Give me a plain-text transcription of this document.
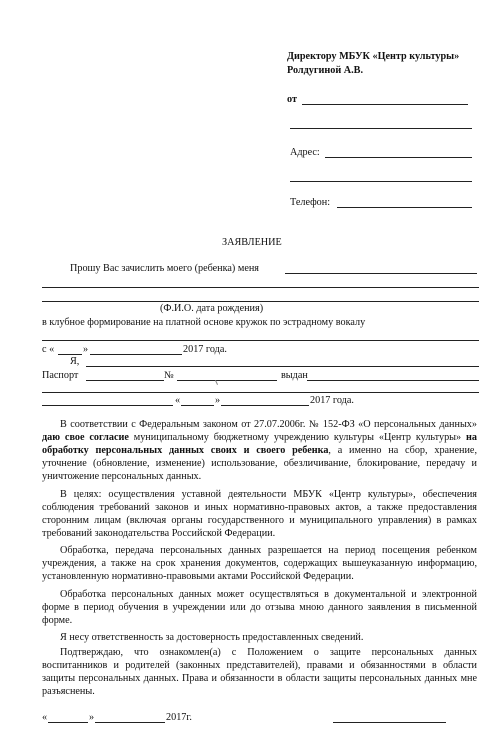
Директору МБУК «Центр культуры»
Ролдугиной А.В.
от
Адрес:
Телефон:
ЗАЯВЛЕНИЕ
Прошу Вас зачислить моего (ребенка) меня
(Ф.И.О. дата рождения)
в клубное формирование на платной основе кружок по эстрадному вокалу
с «	»	2017 года.
Я,
Паспорт	№	выдан
«	»	2017 года.
В соответствии с Федеральным законом от 27.07.2006г. № 152-ФЗ «О персональных данных» даю свое согласие муниципальному бюджетному учреждению культуры «Центр культуры» на обработку персональных данных своих и своего ребенка, а именно на сбор, хранение, уточнение (обновление, изменение) использование, обезличивание, блокирование, передачу и уничтожение персональных данных.
В целях: осуществления уставной деятельности МБУК «Центр культуры», обеспечения соблюдения требований законов и иных нормативно-правовых актов, а также предоставления сторонним лицам (включая органы государственного и муниципального управления) в рамках требований законодательства Российской Федерации.
Обработка, передача персональных данных разрешается на период посещения ребенком учреждения, а также на срок хранения документов, содержащих вышеуказанную информацию, установленную нормативно-правовыми актами Российской Федерации.
Обработка персональных данных может осуществляться в документальной и электронной форме в период обучения в учреждении или до отзыва мною данного заявления в письменной форме.
Я несу ответственность за достоверность предоставленных сведений.
Подтверждаю, что ознакомлен(а) с Положением о защите персональных данных воспитанников и родителей (законных представителей), правами и обязанностями в области защиты персональных данных. Права и обязанности в области защиты персональных данных мне разъяснены.
«	»	2017г.
